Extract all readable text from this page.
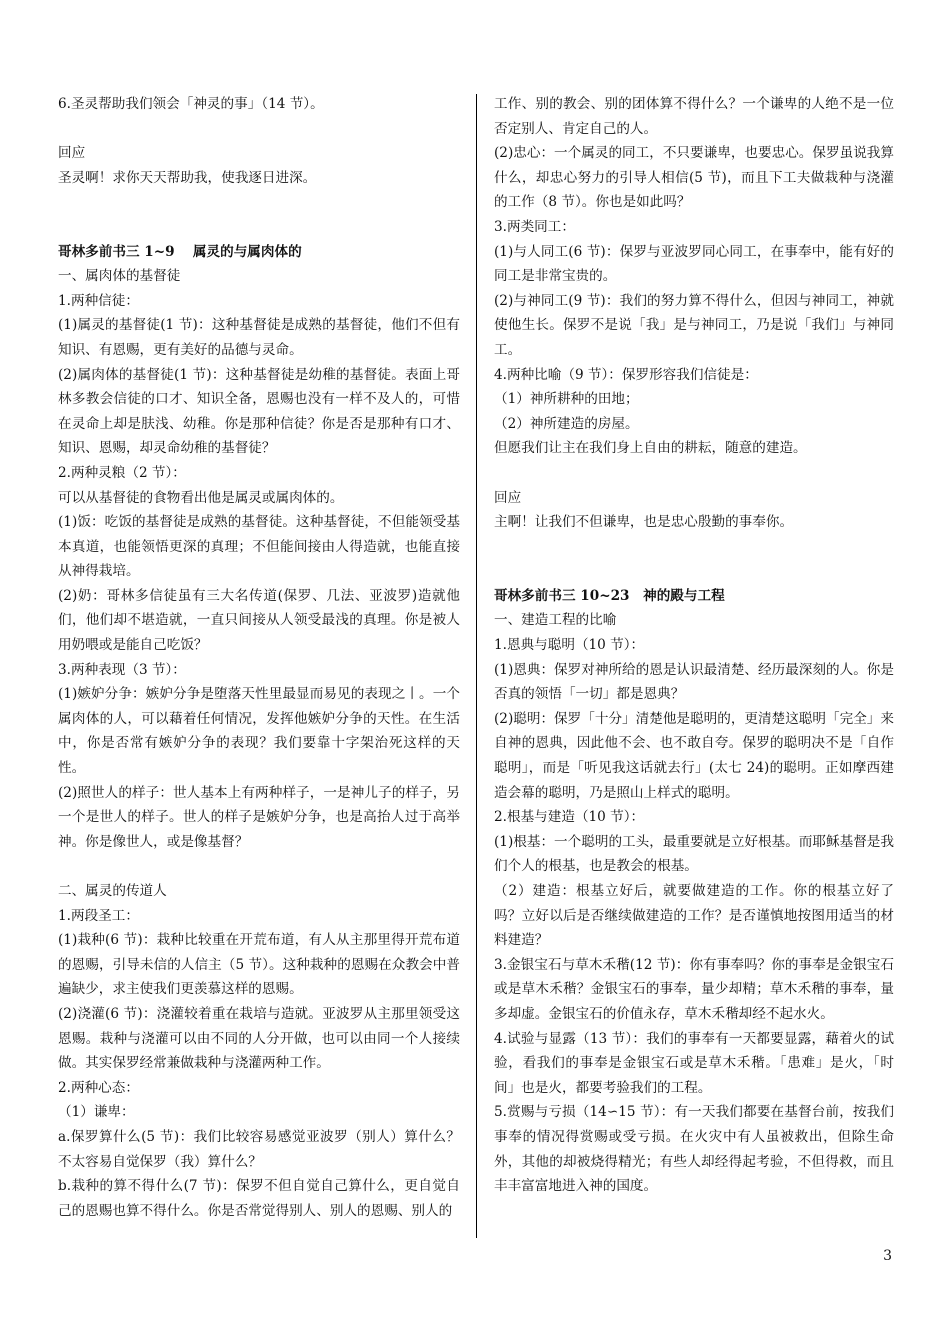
6.圣灵帮助我们领会「神灵的事」（14 节）。

回应

圣灵啊！求你天天帮助我，使我逐日进深。

哥林多前书三 1~9　 属灵的与属肉体的

一、属肉体的基督徒

1.两种信徒：

(1)属灵的基督徒(1 节)：这种基督徒是成熟的基督徒，他们不但有知识、有恩赐，更有美好的品德与灵命。

(2)属肉体的基督徒(1 节)：这种基督徒是幼稚的基督徒。表面上哥林多教会信徒的口才、知识全备，恩赐也没有一样不及人的，可惜在灵命上却是肤浅、幼稚。你是那种信徒？你是否是那种有口才、知识、恩赐，却灵命幼稚的基督徒？

2.两种灵粮（2 节）：

可以从基督徒的食物看出他是属灵或属肉体的。

(1)饭：吃饭的基督徒是成熟的基督徒。这种基督徒，不但能领受基本真道，也能领悟更深的真理；不但能间接由人得造就，也能直接从神得栽培。

(2)奶：哥林多信徒虽有三大名传道(保罗、几法、亚波罗)造就他们，他们却不堪造就，一直只间接从人领受最浅的真理。你是被人用奶喂或是能自己吃饭？

3.两种表现（3 节）：

(1)嫉妒分争：嫉妒分争是堕落天性里最显而易见的表现之丨。一个属肉体的人，可以藉着任何情况，发挥他嫉妒分争的天性。在生活中，你是否常有嫉妒分争的表现？我们要靠十字架治死这样的天性。

(2)照世人的样子：世人基本上有两种样子，一是神儿子的样子，另一个是世人的样子。世人的样子是嫉妒分争，也是高抬人过于高举神。你是像世人，或是像基督？

二、属灵的传道人

1.两段圣工：

(1)栽种(6 节)：栽种比较重在开荒布道，有人从主那里得开荒布道的恩赐，引导未信的人信主（5 节）。这种栽种的恩赐在众教会中普遍缺少，求主使我们更羡慕这样的恩赐。

(2)浇灌(6 节)：浇灌较着重在栽培与造就。亚波罗从主那里领受这恩赐。栽种与浇灌可以由不同的人分开做，也可以由同一个人接续做。其实保罗经常兼做栽种与浇灌两种工作。

2.两种心态：

（1）谦卑：

a.保罗算什么(5 节)：我们比较容易感觉亚波罗（别人）算什么？不太容易自觉保罗（我）算什么？

b.栽种的算不得什么(7 节)：保罗不但自觉自己算什么，更自觉自己的恩赐也算不得什么。你是否常觉得别人、别人的恩赐、别人的

工作、别的教会、别的团体算不得什么？一个谦卑的人绝不是一位否定别人、肯定自己的人。

(2)忠心：一个属灵的同工，不只要谦卑，也要忠心。保罗虽说我算什么，却忠心努力的引导人相信(5 节)，而且下工夫做栽种与浇灌的工作（8 节）。你也是如此吗？

3.两类同工：

(1)与人同工(6 节)：保罗与亚波罗同心同工，在事奉中，能有好的同工是非常宝贵的。

(2)与神同工(9 节)：我们的努力算不得什么，但因与神同工，神就使他生长。保罗不是说「我」是与神同工，乃是说「我们」与神同工。

4.两种比喻（9 节）：保罗形容我们信徒是：

（1）神所耕种的田地；

（2）神所建造的房屋。

但愿我们让主在我们身上自由的耕耘，随意的建造。

回应

主啊！让我们不但谦卑，也是忠心殷勤的事奉你。

哥林多前书三 10~23　神的殿与工程

一、建造工程的比喻

1.恩典与聪明（10 节）：

(1)恩典：保罗对神所给的恩是认识最清楚、经历最深刻的人。你是否真的领悟「一切」都是恩典？

(2)聪明：保罗「十分」清楚他是聪明的，更清楚这聪明「完全」来自神的恩典，因此他不会、也不敢自夸。保罗的聪明决不是「自作聪明」，而是「听见我这话就去行」(太七 24)的聪明。正如摩西建造会幕的聪明，乃是照山上样式的聪明。

2.根基与建造（10 节）：

(1)根基：一个聪明的工头，最重要就是立好根基。而耶稣基督是我们个人的根基，也是教会的根基。

（2）建造：根基立好后，就要做建造的工作。你的根基立好了吗？立好以后是否继续做建造的工作？是否谨慎地按图用适当的材料建造？

3.金银宝石与草木禾稭(12 节)：你有事奉吗？你的事奉是金银宝石或是草木禾稭？金银宝石的事奉，量少却精；草木禾稭的事奉，量多却虚。金银宝石的价值永存，草木禾稭却经不起水火。

4.试验与显露（13 节）：我们的事奉有一天都要显露，藉着火的试验，看我们的事奉是金银宝石或是草木禾稭。「患难」是火，「时间」也是火，都要考验我们的工程。

5.赏赐与亏损（14∽15 节）：有一天我们都要在基督台前，按我们事奉的情况得赏赐或受亏损。在火灾中有人虽被救出，但除生命外，其他的却被烧得精光；有些人却经得起考验，不但得救，而且丰丰富富地进入神的国度。

3
